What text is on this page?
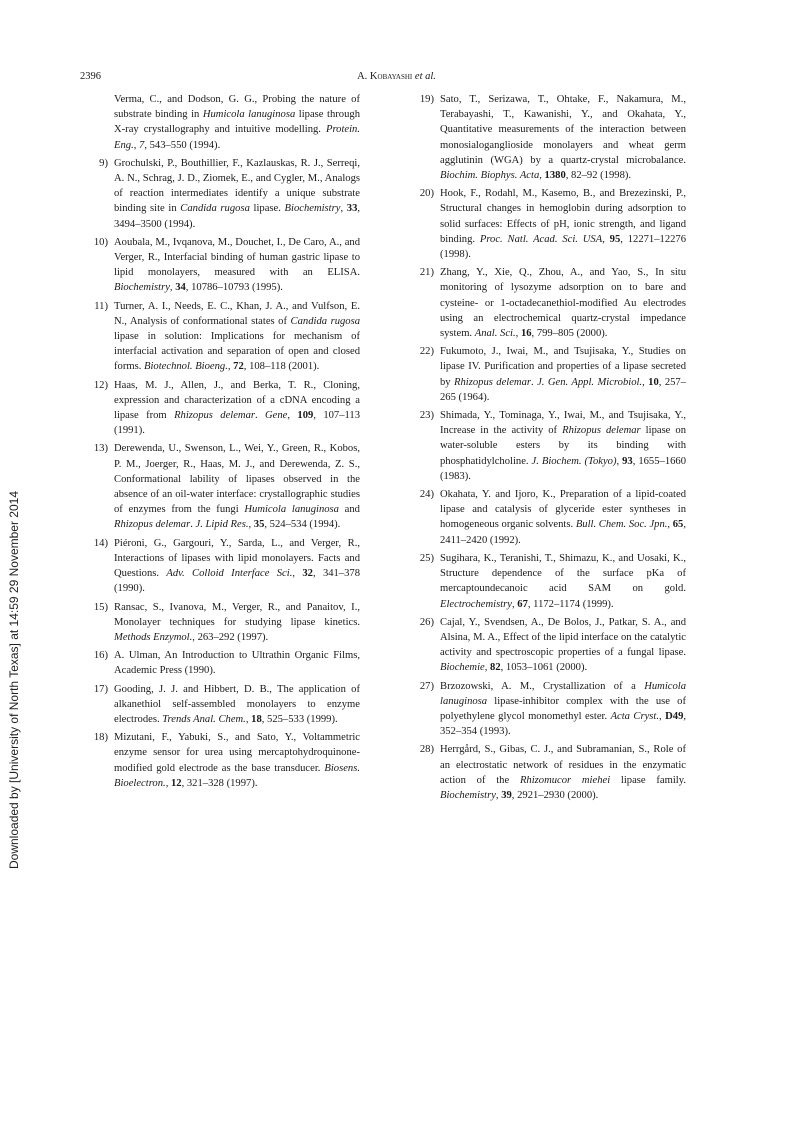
2396	A. Kobayashi et al.
Downloaded by [University of North Texas] at 14:59 29 November 2014
Verma, C., and Dodson, G. G., Probing the nature of substrate binding in Humicola lanuginosa lipase through X-ray crystallography and intuitive modelling. Protein. Eng., 7, 543–550 (1994).
9) Grochulski, P., Bouthillier, F., Kazlauskas, R. J., Serreqi, A. N., Schrag, J. D., Ziomek, E., and Cygler, M., Analogs of reaction intermediates identify a unique substrate binding site in Candida rugosa lipase. Biochemistry, 33, 3494–3500 (1994).
10) Aoubala, M., Ivqanova, M., Douchet, I., De Caro, A., and Verger, R., Interfacial binding of human gastric lipase to lipid monolayers, measured with an ELISA. Biochemistry, 34, 10786–10793 (1995).
11) Turner, A. I., Needs, E. C., Khan, J. A., and Vulfson, E. N., Analysis of conformational states of Candida rugosa lipase in solution: Implications for mechanism of interfacial activation and separation of open and closed forms. Biotechnol. Bioeng., 72, 108–118 (2001).
12) Haas, M. J., Allen, J., and Berka, T. R., Cloning, expression and characterization of a cDNA encoding a lipase from Rhizopus delemar. Gene, 109, 107–113 (1991).
13) Derewenda, U., Swenson, L., Wei, Y., Green, R., Kobos, P. M., Joerger, R., Haas, M. J., and Derewenda, Z. S., Conformational lability of lipases observed in the absence of an oil-water interface: crystallographic studies of enzymes from the fungi Humicola lanuginosa and Rhizopus delemar. J. Lipid Res., 35, 524–534 (1994).
14) Piéroni, G., Gargouri, Y., Sarda, L., and Verger, R., Interactions of lipases with lipid monolayers. Facts and Questions. Adv. Colloid Interface Sci., 32, 341–378 (1990).
15) Ransac, S., Ivanova, M., Verger, R., and Panaitov, I., Monolayer techniques for studying lipase kinetics. Methods Enzymol., 263–292 (1997).
16) A. Ulman, An Introduction to Ultrathin Organic Films, Academic Press (1990).
17) Gooding, J. J. and Hibbert, D. B., The application of alkanethiol self-assembled monolayers to enzyme electrodes. Trends Anal. Chem., 18, 525–533 (1999).
18) Mizutani, F., Yabuki, S., and Sato, Y., Voltammetric enzyme sensor for urea using mercaptohydroquinone-modified gold electrode as the base transducer. Biosens. Bioelectron., 12, 321–328 (1997).
19) Sato, T., Serizawa, T., Ohtake, F., Nakamura, M., Terabayashi, T., Kawanishi, Y., and Okahata, Y., Quantitative measurements of the interaction between monosialoganglioside monolayers and wheat germ agglutinin (WGA) by a quartz-crystal microbalance. Biochim. Biophys. Acta, 1380, 82–92 (1998).
20) Hook, F., Rodahl, M., Kasemo, B., and Brezezinski, P., Structural changes in hemoglobin during adsorption to solid surfaces: Effects of pH, ionic strength, and ligand binding. Proc. Natl. Acad. Sci. USA, 95, 12271–12276 (1998).
21) Zhang, Y., Xie, Q., Zhou, A., and Yao, S., In situ monitoring of lysozyme adsorption on to bare and cysteine- or 1-octadecanethiol-modified Au electrodes using an electrochemical quartz-crystal impedance system. Anal. Sci., 16, 799–805 (2000).
22) Fukumoto, J., Iwai, M., and Tsujisaka, Y., Studies on lipase IV. Purification and properties of a lipase secreted by Rhizopus delemar. J. Gen. Appl. Microbiol., 10, 257–265 (1964).
23) Shimada, Y., Tominaga, Y., Iwai, M., and Tsujisaka, Y., Increase in the activity of Rhizopus delemar lipase on water-soluble esters by its binding with phosphatidylcholine. J. Biochem. (Tokyo), 93, 1655–1660 (1983).
24) Okahata, Y. and Ijoro, K., Preparation of a lipid-coated lipase and catalysis of glyceride ester syntheses in homogeneous organic solvents. Bull. Chem. Soc. Jpn., 65, 2411–2420 (1992).
25) Sugihara, K., Teranishi, T., Shimazu, K., and Uosaki, K., Structure dependence of the surface pKa of mercaptoundecanoic acid SAM on gold. Electrochemistry, 67, 1172–1174 (1999).
26) Cajal, Y., Svendsen, A., De Bolos, J., Patkar, S. A., and Alsina, M. A., Effect of the lipid interface on the catalytic activity and spectroscopic properties of a fungal lipase. Biochemie, 82, 1053–1061 (2000).
27) Brzozowski, A. M., Crystallization of a Humicola lanuginosa lipase-inhibitor complex with the use of polyethylene glycol monomethyl ester. Acta Cryst., D49, 352–354 (1993).
28) Herrgård, S., Gibas, C. J., and Subramanian, S., Role of an electrostatic network of residues in the enzymatic action of the Rhizomucor miehei lipase family. Biochemistry, 39, 2921–2930 (2000).
